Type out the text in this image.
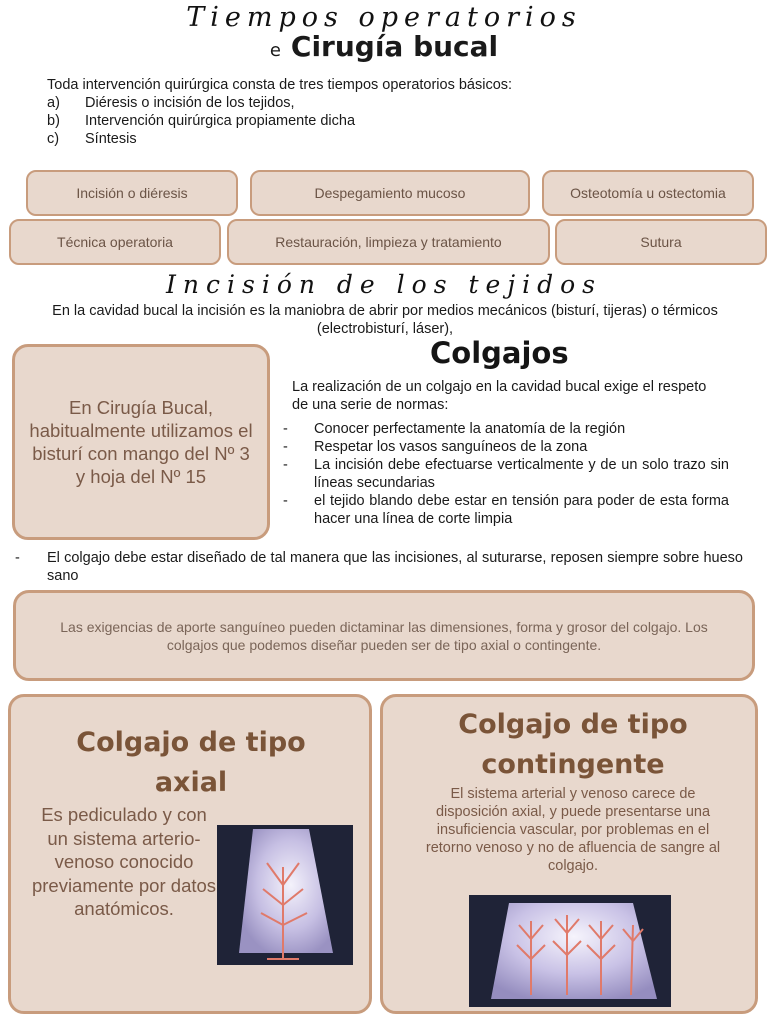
Tiempos operatorios
e Cirugía bucal
Toda intervención quirúrgica consta de tres tiempos operatorios básicos:
a)	Diéresis o incisión de los tejidos,
b)	Intervención quirúrgica propiamente dicha
c)	Síntesis
Incisión o diéresis	Despegamiento mucoso	Osteotomía u ostectomia
Técnica operatoria	Restauración, limpieza y tratamiento	Sutura
Incisión de los tejidos
En la cavidad bucal la incisión es la maniobra de abrir por medios mecánicos (bisturí, tijeras) o térmicos (electrobisturí, láser),
En Cirugía Bucal, habitualmente utilizamos el bisturí con mango del Nº 3 y hoja del Nº 15
Colgajos
La realización de un colgajo en la cavidad bucal exige el respeto de una serie de normas:
-	Conocer perfectamente la anatomía de la región
-	Respetar los vasos sanguíneos de la zona
-	La incisión debe efectuarse verticalmente y de un solo trazo sin líneas secundarias
-	el tejido blando debe estar en tensión para poder de esta forma hacer una línea de corte limpia
-	El colgajo debe estar diseñado de tal manera que las incisiones, al suturarse, reposen siempre sobre hueso sano
Las exigencias de aporte sanguíneo pueden dictaminar las dimensiones, forma y grosor del colgajo. Los colgajos que podemos diseñar pueden ser de tipo axial o contingente.
Colgajo de tipo axial
Es pediculado y con un sistema arterio-venoso conocido previamente por datos anatómicos.
Colgajo de tipo contingente
El sistema arterial y venoso carece de disposición axial, y puede presentarse una insuficiencia vascular, por problemas en el retorno venoso y no de afluencia de sangre al colgajo.
